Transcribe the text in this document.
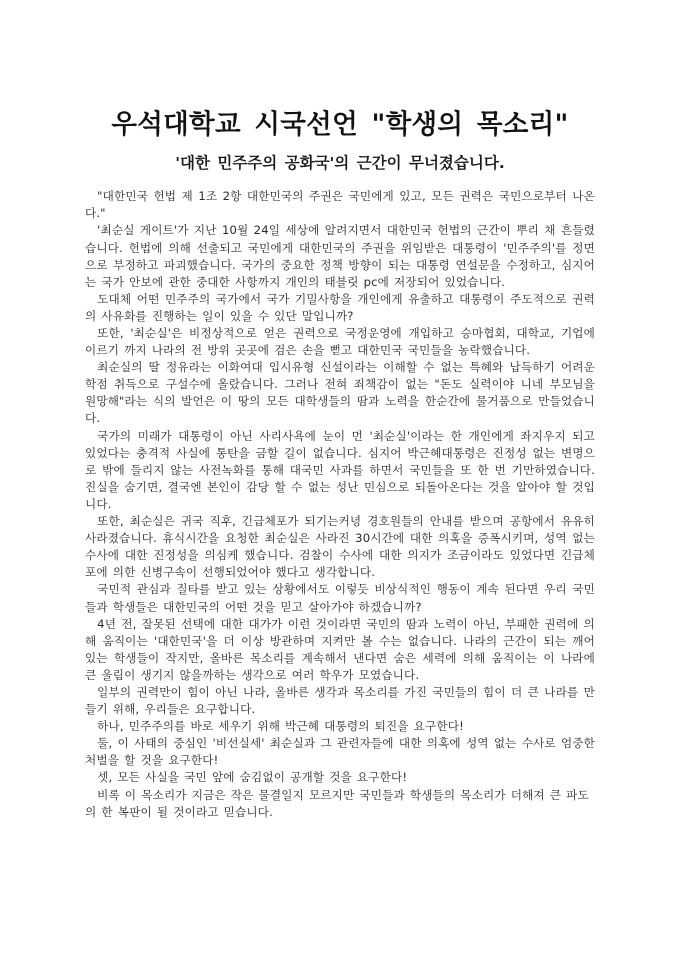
우석대학교 시국선언 "학생의 목소리"
'대한 민주주의 공화국'의 근간이 무너졌습니다.

"대한민국 헌법 제 1조 2항 대한민국의 주권은 국민에게 있고, 모든 권력은 국민으로부터 나온다."

'최순실 게이트'가 지난 10월 24일 세상에 알려지면서 대한민국 헌법의 근간이 뿌리 채 흔들렸습니다. 헌법에 의해 선출되고 국민에게 대한민국의 주권을 위임받은 대통령이 '민주주의'를 정면으로 부정하고 파괴했습니다. 국가의 중요한 정책 방향이 되는 대통령 연설문을 수정하고, 심지어는 국가 안보에 관한 중대한 사항까지 개인의 태블릿 pc에 저장되어 있었습니다.

도대체 어떤 민주주의 국가에서 국가 기밀사항을 개인에게 유출하고 대통령이 주도적으로 권력의 사유화를 진행하는 일이 있을 수 있단 말입니까?

또한, '최순실'은 비정상적으로 얻은 권력으로 국정운영에 개입하고 승마협회, 대학교, 기업에 이르기 까지 나라의 전 방위 곳곳에 검은 손을 뻗고 대한민국 국민들을 농락했습니다.

최순실의 딸 정유라는 이화여대 입시유형 신설이라는 이해할 수 없는 특혜와 납득하기 어려운 학점 취득으로 구설수에 올랐습니다. 그러나 전혀 죄책감이 없는 "돈도 실력이야 니네 부모님을 원망해"라는 식의 발언은 이 땅의 모든 대학생들의 땀과 노력을 한순간에 물거품으로 만들었습니다.

국가의 미래가 대통령이 아닌 사리사욕에 눈이 먼 '최순실'이라는 한 개인에게 좌지우지 되고 있었다는 충격적 사실에 통탄을 금할 길이 없습니다. 심지어 박근혜대통령은 진정성 없는 변명으로 밖에 들리지 않는 사전녹화를 통해 대국민 사과를 하면서 국민들을 또 한 번 기만하였습니다. 진실을 숨기면, 결국엔 본인이 감당 할 수 없는 성난 민심으로 되돌아온다는 것을 알아야 할 것입니다.

또한, 최순실은 귀국 직후, 긴급체포가 되기는커녕 경호원들의 안내를 받으며 공항에서 유유히 사라졌습니다. 휴식시간을 요청한 최순실은 사라진 30시간에 대한 의혹을 증폭시키며, 성역 없는 수사에 대한 진정성을 의심케 했습니다. 검찰이 수사에 대한 의지가 조금이라도 있었다면 긴급체포에 의한 신병구속이 선행되었어야 했다고 생각합니다.

국민적 관심과 질타를 받고 있는 상황에서도 이렇듯 비상식적인 행동이 계속 된다면 우리 국민들과 학생들은 대한민국의 어떤 것을 믿고 살아가야 하겠습니까?

4년 전, 잘못된 선택에 대한 대가가 이런 것이라면 국민의 땀과 노력이 아닌, 부패한 권력에 의해 움직이는 '대한민국'을 더 이상 방관하며 지켜만 볼 수는 없습니다. 나라의 근간이 되는 깨어 있는 학생들이 작지만, 올바른 목소리를 계속해서 낸다면 숨은 세력에 의해 움직이는 이 나라에 큰 울림이 생기지 않을까하는 생각으로 여러 학우가 모였습니다.

일부의 권력만이 힘이 아닌 나라, 올바른 생각과 목소리를 가진 국민들의 힘이 더 큰 나라를 만들기 위해, 우리들은 요구합니다.

하나, 민주주의를 바로 세우기 위해 박근혜 대통령의 퇴진을 요구한다!

둘, 이 사태의 중심인 '비선실세' 최순실과 그 관련자들에 대한 의혹에 성역 없는 수사로 엄중한 처벌을 할 것을 요구한다!

셋, 모든 사실을 국민 앞에 숨김없이 공개할 것을 요구한다!

비록 이 목소리가 지금은 작은 물결일지 모르지만 국민들과 학생들의 목소리가 더해져 큰 파도의 한 복판이 될 것이라고 믿습니다.
